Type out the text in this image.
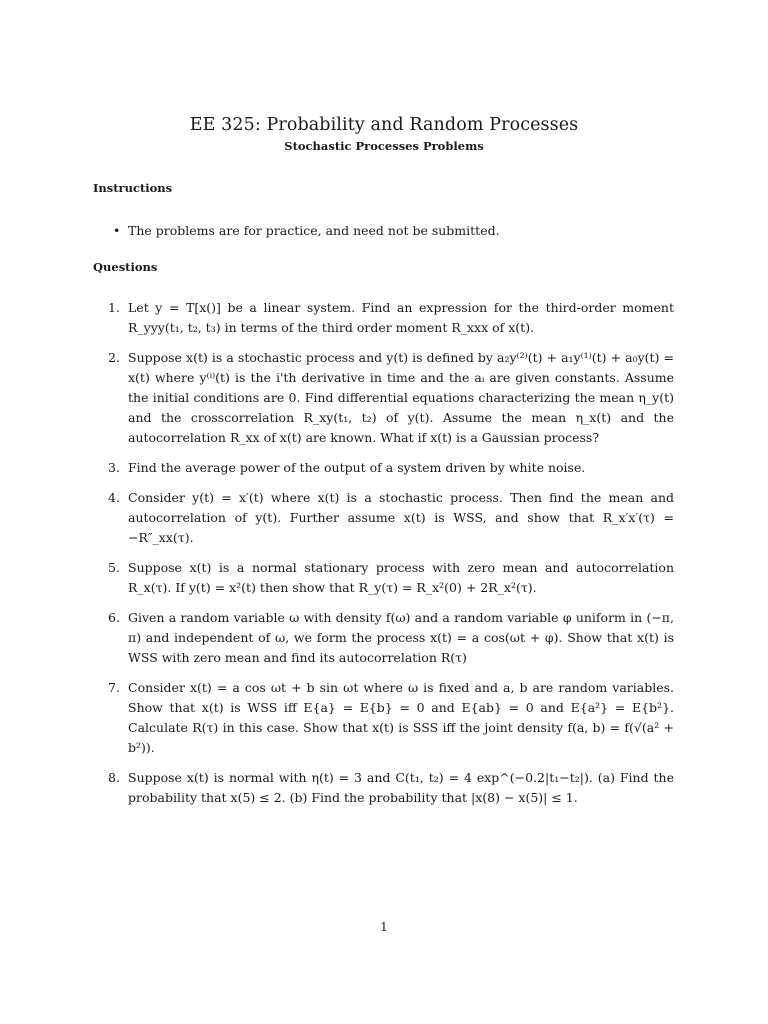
EE 325: Probability and Random Processes
Stochastic Processes Problems
Instructions
• The problems are for practice, and need not be submitted.
Questions
1. Let y = T[x()] be a linear system. Find an expression for the third-order moment R_yyy(t₁, t₂, t₃) in terms of the third order moment R_xxx of x(t).
2. Suppose x(t) is a stochastic process and y(t) is defined by a₂y⁽²⁾(t) + a₁y⁽¹⁾(t) + a₀y(t) = x(t) where y⁽ⁱ⁾(t) is the i'th derivative in time and the aᵢ are given constants. Assume the initial conditions are 0. Find differential equations characterizing the mean η_y(t) and the crosscorrelation R_xy(t₁, t₂) of y(t). Assume the mean η_x(t) and the autocorrelation R_xx of x(t) are known. What if x(t) is a Gaussian process?
3. Find the average power of the output of a system driven by white noise.
4. Consider y(t) = x′(t) where x(t) is a stochastic process. Then find the mean and autocorrelation of y(t). Further assume x(t) is WSS, and show that R_x′x′(τ) = −R″_xx(τ).
5. Suppose x(t) is a normal stationary process with zero mean and autocorrelation R_x(τ). If y(t) = x²(t) then show that R_y(τ) = R_x²(0) + 2R_x²(τ).
6. Given a random variable ω with density f(ω) and a random variable φ uniform in (−π, π) and independent of ω, we form the process x(t) = a cos(ωt + φ). Show that x(t) is WSS with zero mean and find its autocorrelation R(τ)
7. Consider x(t) = a cos ωt + b sin ωt where ω is fixed and a, b are random variables. Show that x(t) is WSS iff E{a} = E{b} = 0 and E{ab} = 0 and E{a²} = E{b²}. Calculate R(τ) in this case. Show that x(t) is SSS iff the joint density f(a, b) = f(√(a² + b²)).
8. Suppose x(t) is normal with η(t) = 3 and C(t₁, t₂) = 4 exp^(−0.2|t₁−t₂|). (a) Find the probability that x(5) ≤ 2. (b) Find the probability that |x(8) − x(5)| ≤ 1.
1
